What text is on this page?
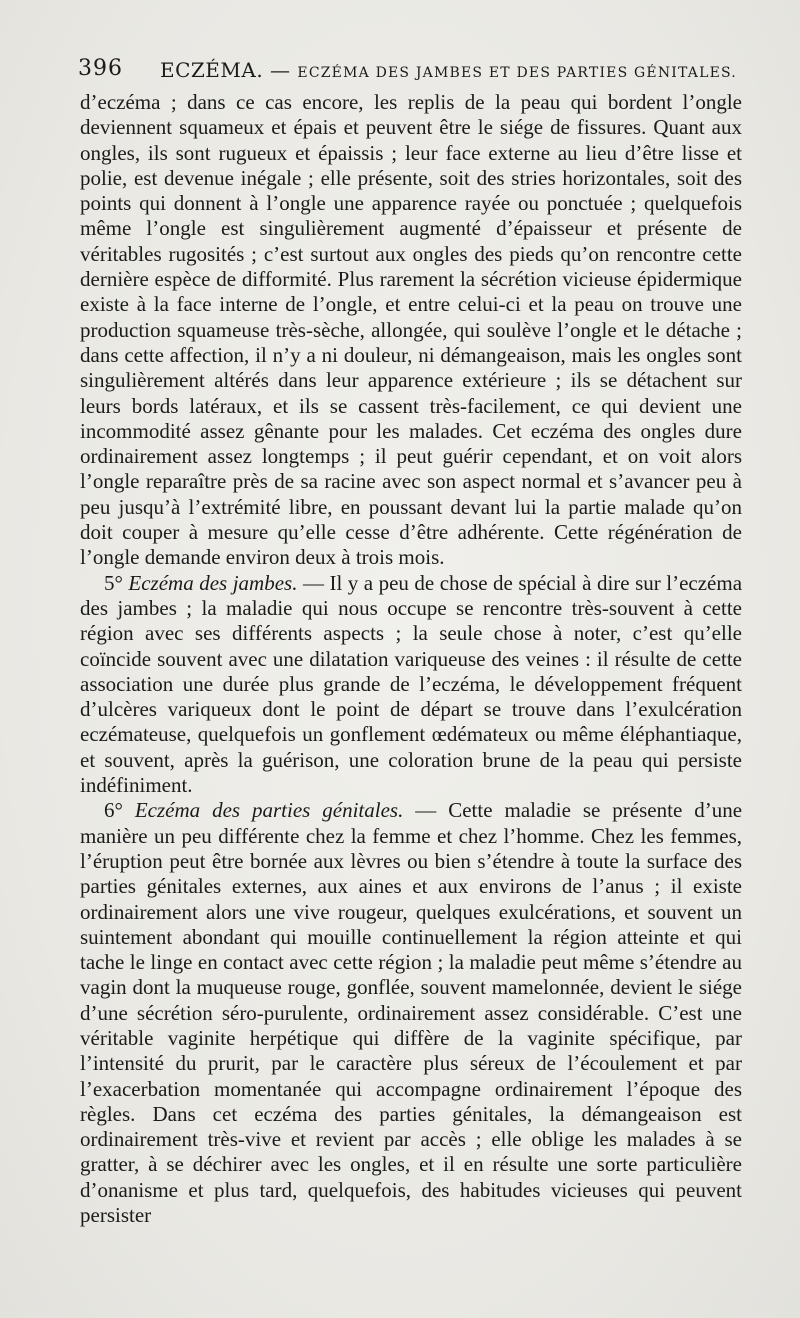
396 ECZÉMA. — ECZÉMA DES JAMBES ET DES PARTIES GÉNITALES.

d’eczéma ; dans ce cas encore, les replis de la peau qui bordent l’ongle deviennent squameux et épais et peuvent être le siége de fissures. Quant aux ongles, ils sont rugueux et épaissis ; leur face externe au lieu d’être lisse et polie, est devenue inégale ; elle présente, soit des stries horizontales, soit des points qui donnent à l’ongle une apparence rayée ou ponctuée ; quelquefois même l’ongle est singulièrement augmenté d’épaisseur et présente de véritables rugosités ; c’est surtout aux ongles des pieds qu’on rencontre cette dernière espèce de difformité. Plus rarement la sécrétion vicieuse épidermique existe à la face interne de l’ongle, et entre celui-ci et la peau on trouve une production squameuse très-sèche, allongée, qui soulève l’ongle et le détache ; dans cette affection, il n’y a ni douleur, ni démangeaison, mais les ongles sont singulièrement altérés dans leur apparence extérieure ; ils se détachent sur leurs bords latéraux, et ils se cassent très-facilement, ce qui devient une incommodité assez gênante pour les malades. Cet eczéma des ongles dure ordinairement assez longtemps ; il peut guérir cependant, et on voit alors l’ongle reparaître près de sa racine avec son aspect normal et s’avancer peu à peu jusqu’à l’extrémité libre, en poussant devant lui la partie malade qu’on doit couper à mesure qu’elle cesse d’être adhérente. Cette régénération de l’ongle demande environ deux à trois mois.

5° Eczéma des jambes. — Il y a peu de chose de spécial à dire sur l’eczéma des jambes ; la maladie qui nous occupe se rencontre très-souvent à cette région avec ses différents aspects ; la seule chose à noter, c’est qu’elle coïncide souvent avec une dilatation variqueuse des veines : il résulte de cette association une durée plus grande de l’eczéma, le développement fréquent d’ulcères variqueux dont le point de départ se trouve dans l’exulcération eczémateuse, quelquefois un gonflement œdémateux ou même éléphantiaque, et souvent, après la guérison, une coloration brune de la peau qui persiste indéfiniment.

6° Eczéma des parties génitales. — Cette maladie se présente d’une manière un peu différente chez la femme et chez l’homme. Chez les femmes, l’éruption peut être bornée aux lèvres ou bien s’étendre à toute la surface des parties génitales externes, aux aines et aux environs de l’anus ; il existe ordinairement alors une vive rougeur, quelques exulcérations, et souvent un suintement abondant qui mouille continuellement la région atteinte et qui tache le linge en contact avec cette région ; la maladie peut même s’étendre au vagin dont la muqueuse rouge, gonflée, souvent mamelonnée, devient le siége d’une sécrétion séro-purulente, ordinairement assez considérable. C’est une véritable vaginite herpétique qui diffère de la vaginite spécifique, par l’intensité du prurit, par le caractère plus séreux de l’écoulement et par l’exacerbation momentanée qui accompagne ordinairement l’époque des règles. Dans cet eczéma des parties génitales, la démangeaison est ordinairement très-vive et revient par accès ; elle oblige les malades à se gratter, à se déchirer avec les ongles, et il en résulte une sorte particulière d’onanisme et plus tard, quelquefois, des habitudes vicieuses qui peuvent persister
